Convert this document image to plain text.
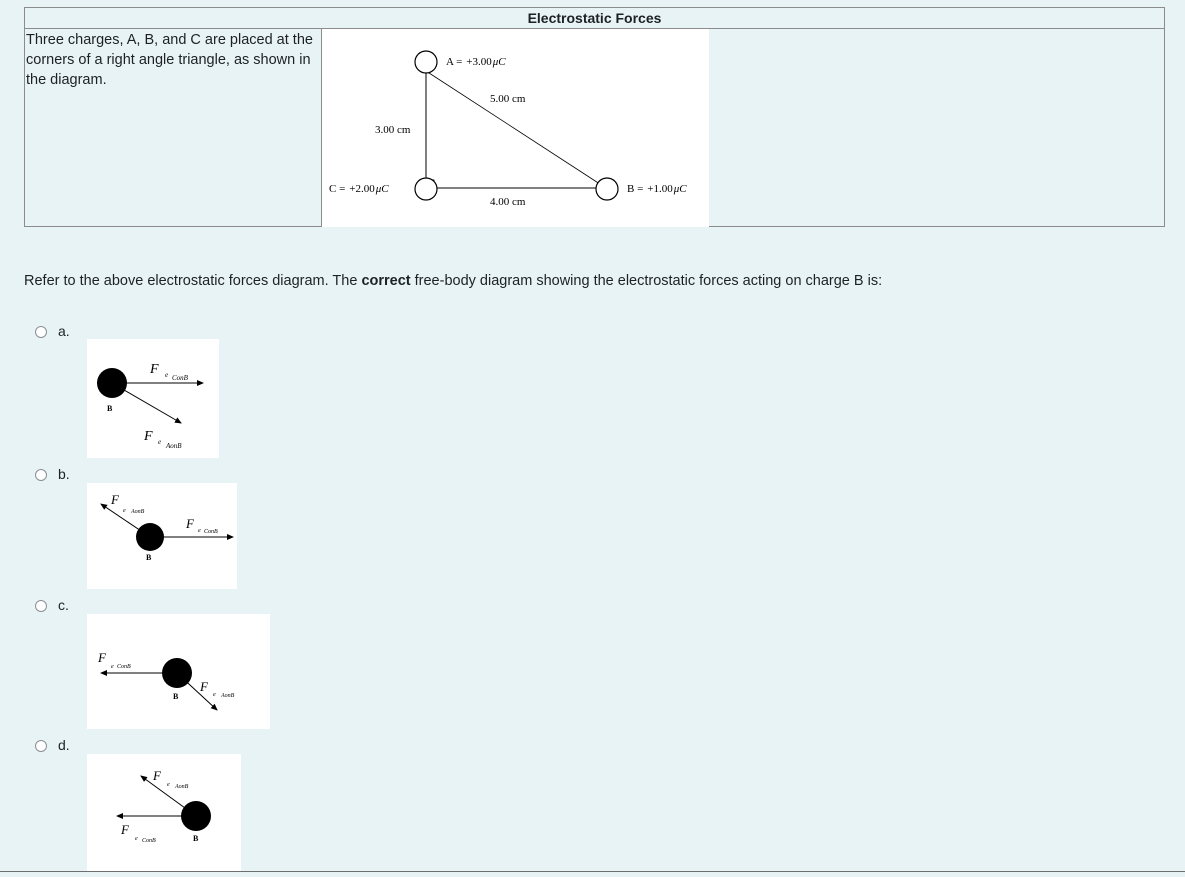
Electrostatic Forces
Three charges, A, B, and C are placed at the corners of a right angle triangle, as shown in the diagram.
A = +3.00μC
5.00 cm
3.00 cm
C = +2.00μC	B = +1.00μC
4.00 cm
Refer to the above electrostatic forces diagram. The correct free-body diagram showing the electrostatic forces acting on charge B is:
a.
B
F e ConB
F e AonB
b.
B
F
e AonB
F e ConB
c.
B
F
e ConB
F
e AonB
d.
B
F
e AonB
F
e ConB
